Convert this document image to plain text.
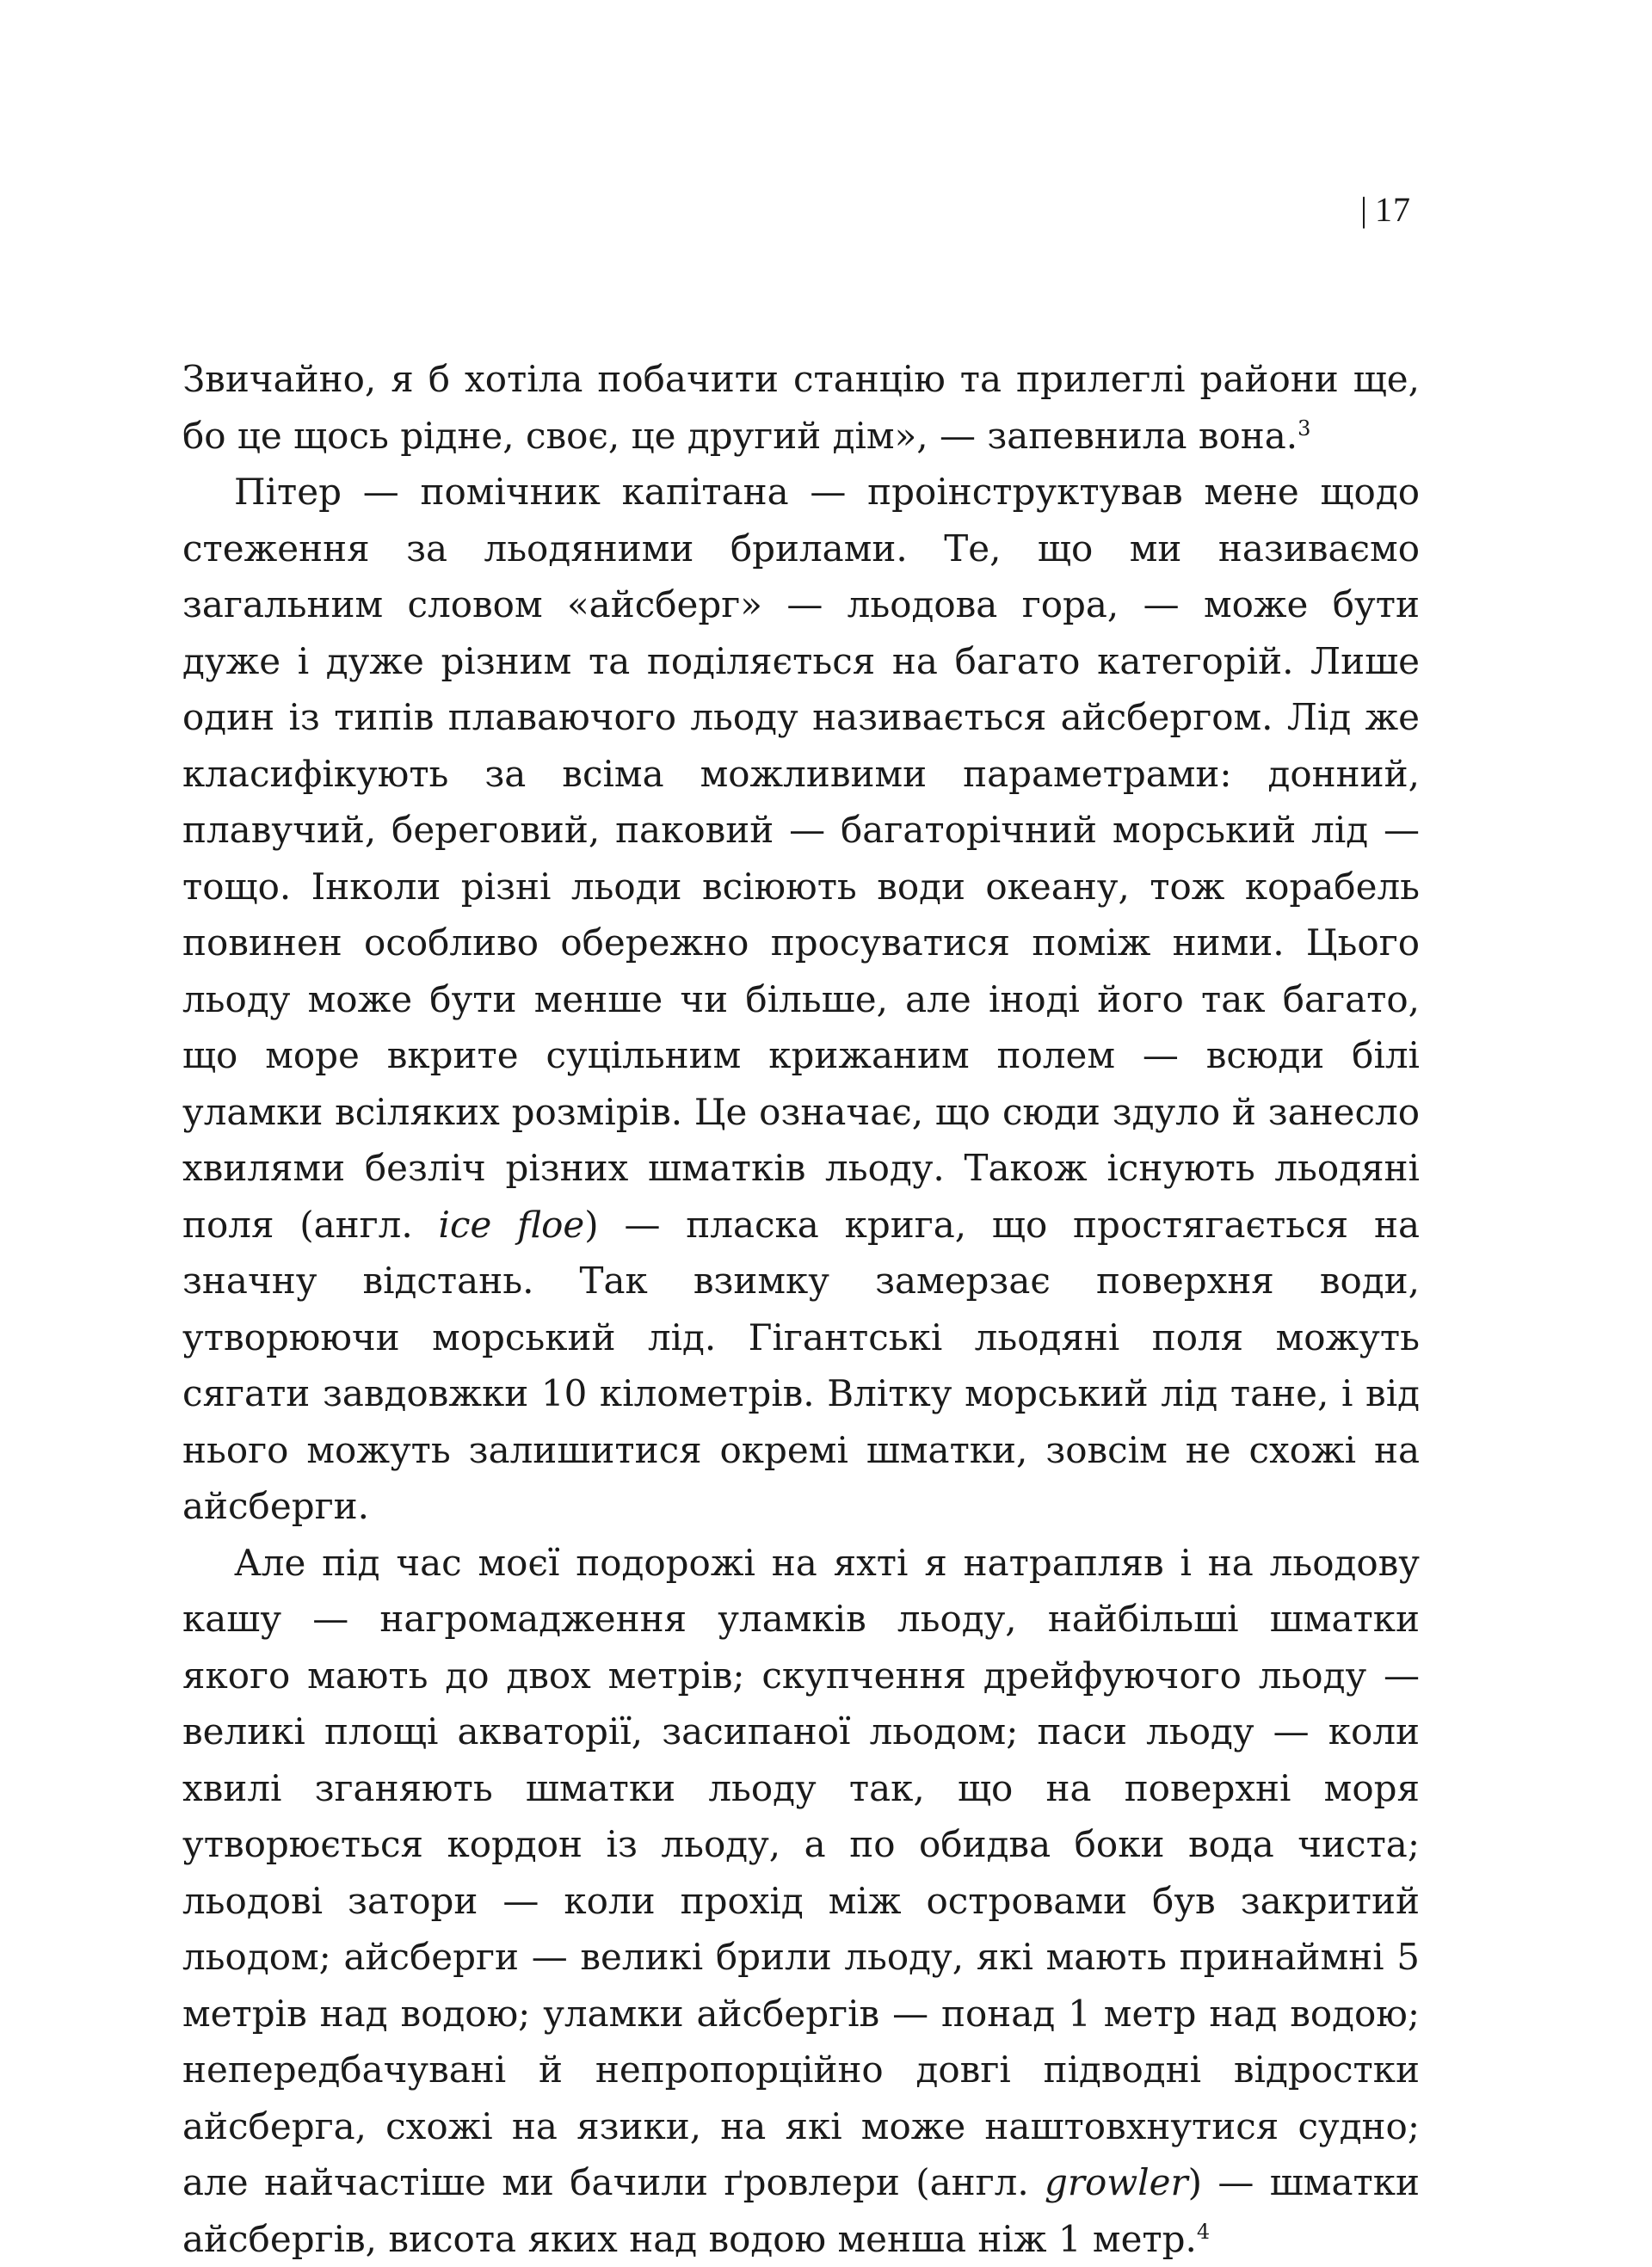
| 17

Звичайно, я б хотіла побачити станцію та прилеглі райони ще, бо це щось рідне, своє, це другий дім», — запевнила вона.$^3$

Пітер — помічник капітана — проінструктував мене щодо стеження за льодяними брилами. Те, що ми називаємо загальним словом «айсберг» — льодова гора, — може бути дуже і дуже різним та поділяється на багато категорій. Лише один із типів плаваючого льоду називається айсбергом. Лід же класифікують за всіма можливими параметрами: донний, плавучий, береговий, паковий — багаторічний морський лід — тощо. Інколи різні льоди всіюють води океану, тож корабель повинен особливо обережно просуватися поміж ними. Цього льоду може бути менше чи більше, але іноді його так багато, що море вкрите суцільним крижаним полем — всюди білі уламки всіляких розмірів. Це означає, що сюди здуло й занесло хвилями безліч різних шматків льоду. Також існують льодяні поля (англ. ice floe) — пласка крига, що простягається на значну відстань. Так взимку замерзає поверхня води, утворюючи морський лід. Гігантські льодяні поля можуть сягати завдовжки 10 кілометрів. Влітку морський лід тане, і від нього можуть залишитися окремі шматки, зовсім не схожі на айсберги.

Але під час моєї подорожі на яхті я натрапляв і на льодову кашу — нагромадження уламків льоду, найбільші шматки якого мають до двох метрів; скупчення дрейфуючого льоду — великі площі акваторії, засипаної льодом; паси льоду — коли хвилі зганяють шматки льоду так, що на поверхні моря утворюється кордон із льоду, а по обидва боки вода чиста; льодові затори — коли прохід між островами був закритий льодом; айсберги — великі брили льоду, які мають принаймні 5 метрів над водою; уламки айсбергів — понад 1 метр над водою; непередбачувані й непропорційно довгі підводні відростки айсберга, схожі на язики, на які може наштовхнутися судно; але найчастіше ми бачили ґровлери (англ. growler) — шматки айсбергів, висота яких над водою менша ніж 1 метр.$^4$
